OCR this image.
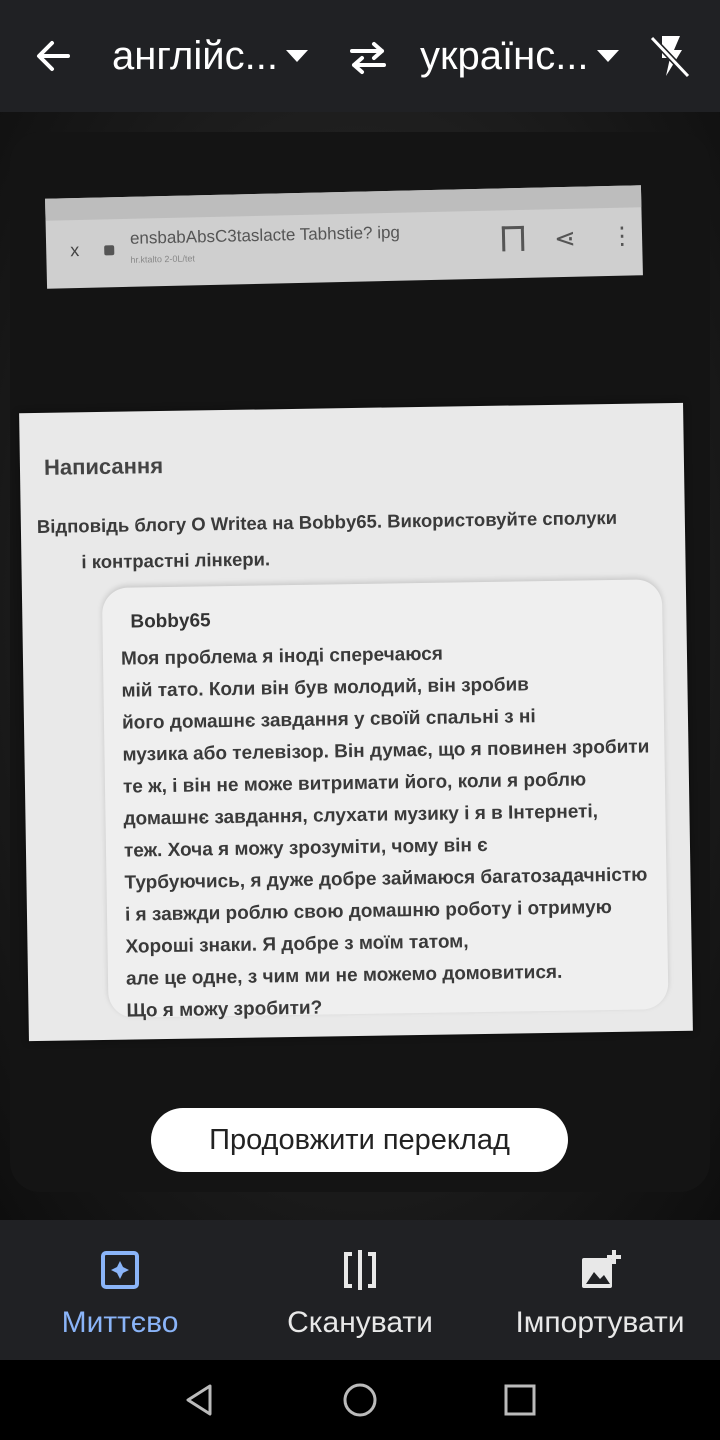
англійс...	українс...
x
ensbabAbsC3taslacte Tabhstie? ipg
hr.ktalto 2-0L/tet
⋖ ⋮
Написання
Відповідь блогу О Writea на Bobby65. Використовуйте сполуки
і контрастні лінкери.
Bobby65
Моя проблема я іноді сперечаюся
мій тато. Коли він був молодий, він зробив
його домашнє завдання у своїй спальні з ні
музика або телевізор. Він думає, що я повинен зробити
те ж, і він не може витримати його, коли я роблю
домашнє завдання, слухати музику і я в Інтернеті,
теж. Хоча я можу зрозуміти, чому він є
Турбуючись, я дуже добре займаюся багатозадачністю
і я завжди роблю свою домашню роботу і отримую
Хороші знаки. Я добре з моїм татом,
але це одне, з чим ми не можемо домовитися.
Що я можу зробити?
Продовжити переклад
Миттєво	Сканувати	Імпортувати
